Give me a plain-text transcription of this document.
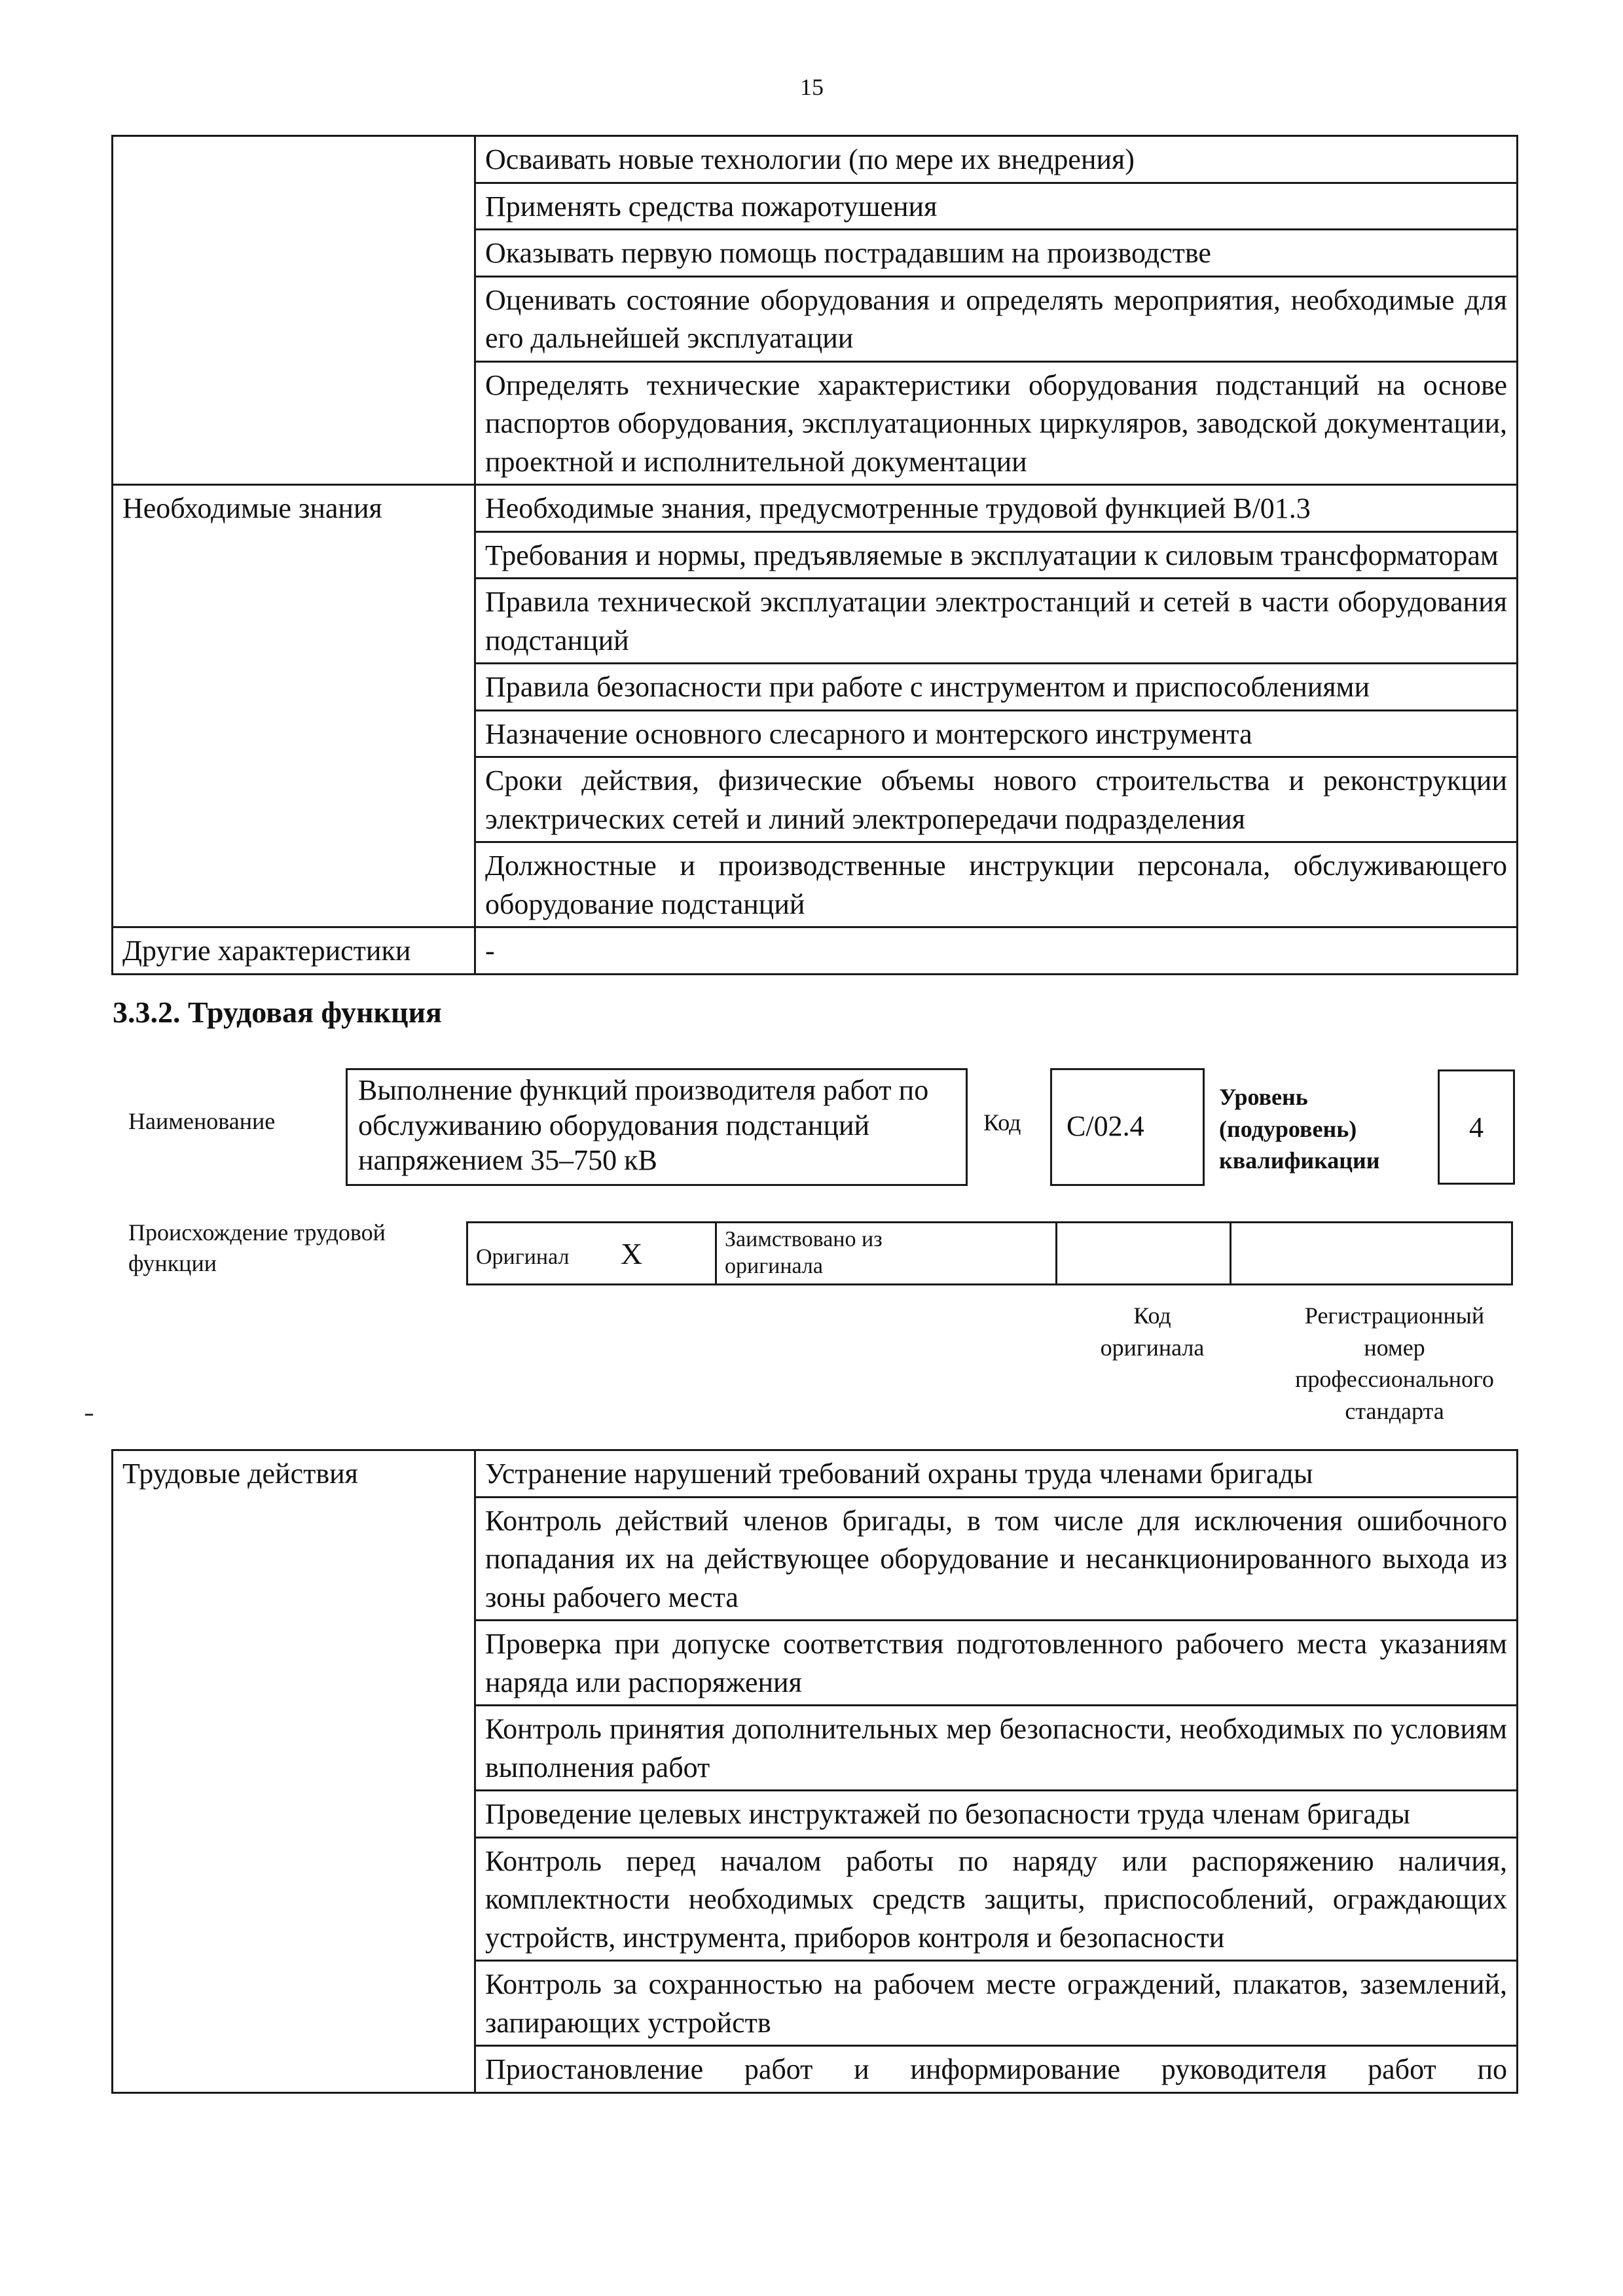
15
	Осваивать новые технологии (по мере их внедрения)
	Применять средства пожаротушения
	Оказывать первую помощь пострадавшим на производстве
	Оценивать состояние оборудования и определять мероприятия, необходимые для его дальнейшей эксплуатации
	Определять технические характеристики оборудования подстанций на основе паспортов оборудования, эксплуатационных циркуляров, заводской документации, проектной и исполнительной документации
Необходимые знания	Необходимые знания, предусмотренные трудовой функцией В/01.3
	Требования и нормы, предъявляемые в эксплуатации к силовым трансформаторам
	Правила технической эксплуатации электростанций и сетей в части оборудования подстанций
	Правила безопасности при работе с инструментом и приспособлениями
	Назначение основного слесарного и монтерского инструмента
	Сроки действия, физические объемы нового строительства и реконструкции электрических сетей и линий электропередачи подразделения
	Должностные и производственные инструкции персонала, обслуживающего оборудование подстанций
Другие характеристики	-
3.3.2. Трудовая функция
Наименование
Выполнение функций производителя работ по обслуживанию оборудования подстанций напряжением 35–750 кВ
Код	C/02.4
Уровень
(подуровень)
квалификации
4
Происхождение трудовой
функции	Оригинал X	Заимствовано из
оригинала

Код
оригинала
Регистрационный
номер
профессионального
стандарта
Трудовые действия	Устранение нарушений требований охраны труда членами бригады
Контроль действий членов бригады, в том числе для исключения ошибочного попадания их на действующее оборудование и несанкционированного выхода из зоны рабочего места
Проверка при допуске соответствия подготовленного рабочего места указаниям наряда или распоряжения
Контроль принятия дополнительных мер безопасности, необходимых по условиям выполнения работ
Проведение целевых инструктажей по безопасности труда членам бригады
Контроль перед началом работы по наряду или распоряжению наличия, комплектности необходимых средств защиты, приспособлений, ограждающих устройств, инструмента, приборов контроля и безопасности
Контроль за сохранностью на рабочем месте ограждений, плакатов, заземлений, запирающих устройств
Приостановление работ и информирование руководителя работ по
